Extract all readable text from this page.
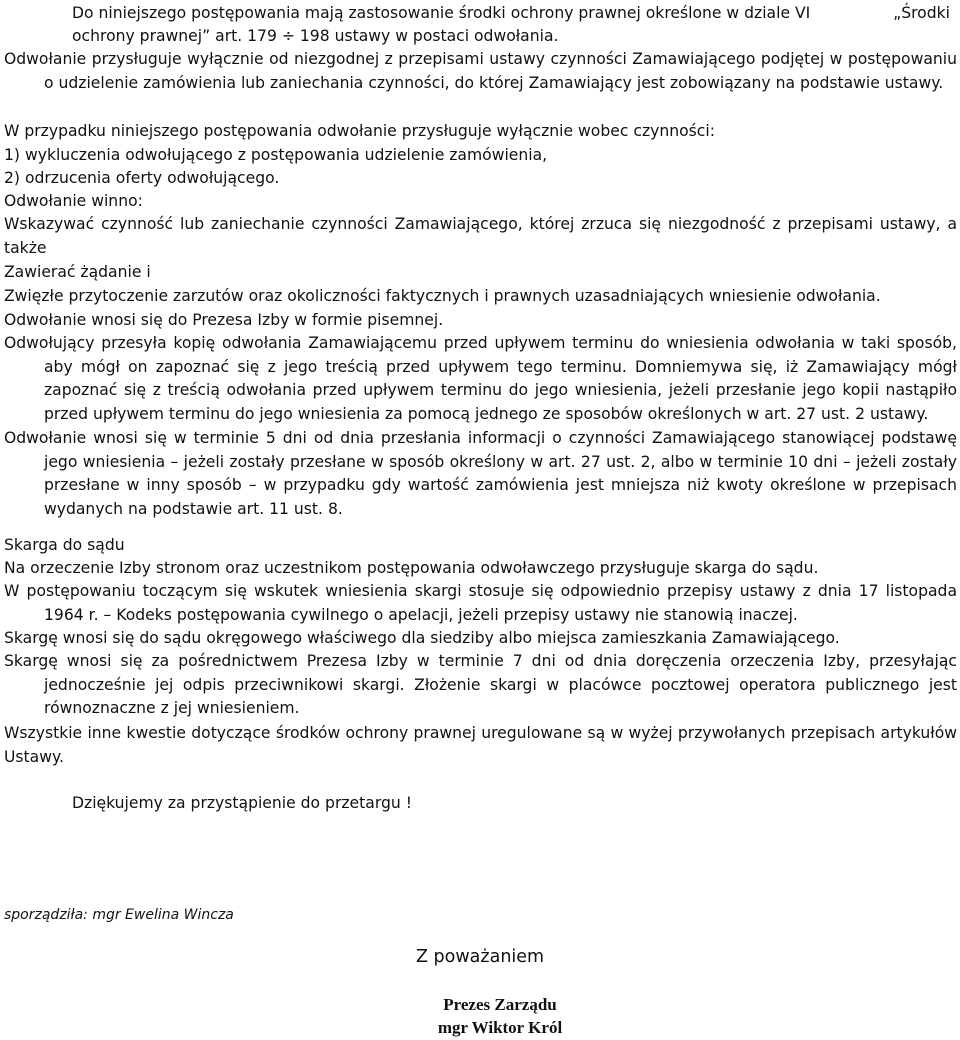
Do niniejszego postępowania mają zastosowanie środki ochrony prawnej określone w dziale VI	„Środki
ochrony prawnej” art. 179 ÷ 198 ustawy w postaci odwołania.

Odwołanie przysługuje wyłącznie od niezgodnej z przepisami ustawy czynności Zamawiającego podjętej w postępowaniu o udzielenie zamówienia lub zaniechania czynności, do której Zamawiający jest zobowiązany na podstawie ustawy.

W przypadku niniejszego postępowania odwołanie przysługuje wyłącznie wobec czynności:

1) wykluczenia odwołującego z postępowania udzielenie zamówienia,

2) odrzucenia oferty odwołującego.

Odwołanie winno:

Wskazywać czynność lub zaniechanie czynności Zamawiającego, której zrzuca się niezgodność z przepisami ustawy, a także

Zawierać żądanie i

Zwięzłe przytoczenie zarzutów oraz okoliczności faktycznych i prawnych uzasadniających wniesienie odwołania.

Odwołanie wnosi się do Prezesa Izby w formie pisemnej.

Odwołujący przesyła kopię odwołania Zamawiającemu przed upływem terminu do wniesienia odwołania w taki sposób, aby mógł on zapoznać się z jego treścią przed upływem tego terminu. Domniemywa się, iż Zamawiający mógł zapoznać się z treścią odwołania przed upływem terminu do jego wniesienia, jeżeli przesłanie jego kopii nastąpiło przed upływem terminu do jego wniesienia za pomocą jednego ze sposobów określonych w art. 27 ust. 2 ustawy.

Odwołanie wnosi się w terminie 5 dni od dnia przesłania informacji o czynności Zamawiającego stanowiącej podstawę jego wniesienia – jeżeli zostały przesłane w sposób określony w art. 27 ust. 2, albo w terminie 10 dni – jeżeli zostały przesłane w inny sposób – w przypadku gdy wartość zamówienia jest mniejsza niż kwoty określone w przepisach wydanych na podstawie art. 11 ust. 8.

Skarga do sądu

Na orzeczenie Izby stronom oraz uczestnikom postępowania odwoławczego przysługuje skarga do sądu.

W postępowaniu toczącym się wskutek wniesienia skargi stosuje się odpowiednio przepisy ustawy z dnia 17 listopada 1964 r. – Kodeks postępowania cywilnego o apelacji, jeżeli przepisy ustawy nie stanowią inaczej.

Skargę wnosi się do sądu okręgowego właściwego dla siedziby albo miejsca zamieszkania Zamawiającego.

Skargę wnosi się za pośrednictwem Prezesa Izby w terminie 7 dni od dnia doręczenia orzeczenia Izby, przesyłając jednocześnie jej odpis przeciwnikowi skargi. Złożenie skargi w placówce pocztowej operatora publicznego jest równoznaczne z jej wniesieniem.

Wszystkie inne kwestie dotyczące środków ochrony prawnej uregulowane są w wyżej przywołanych przepisach artykułów Ustawy.

Dziękujemy za przystąpienie do przetargu !
sporządziła: mgr Ewelina Wincza
Z poważaniem
Prezes Zarządu
mgr Wiktor Król
